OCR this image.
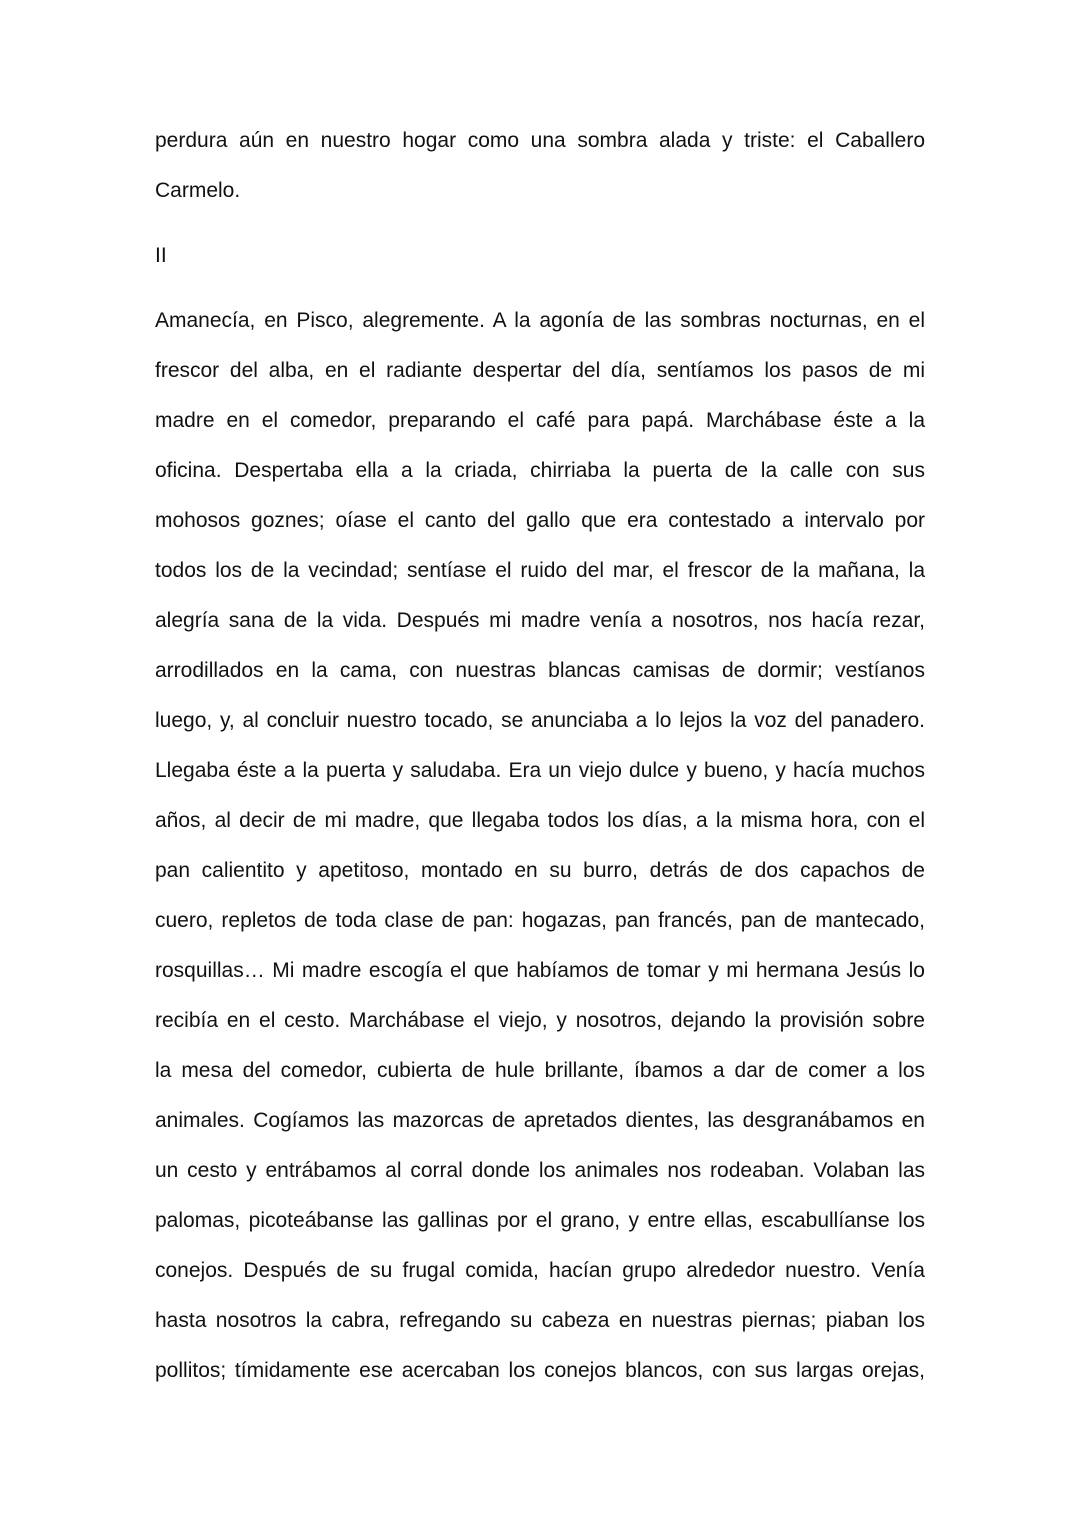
perdura aún en nuestro hogar como una sombra alada y triste: el Caballero
Carmelo.
II
Amanecía, en Pisco, alegremente. A la agonía de las sombras nocturnas, en el
frescor del alba, en el radiante despertar del día, sentíamos los pasos de mi
madre en el comedor, preparando el café para papá. Marchábase éste a la
oficina. Despertaba ella a la criada, chirriaba la puerta de la calle con sus
mohosos goznes; oíase el canto del gallo que era contestado a intervalo por
todos los de la vecindad; sentíase el ruido del mar, el frescor de la mañana, la
alegría sana de la vida. Después mi madre venía a nosotros, nos hacía rezar,
arrodillados en la cama, con nuestras blancas camisas de dormir; vestíanos
luego, y, al concluir nuestro tocado, se anunciaba a lo lejos la voz del panadero.
Llegaba éste a la puerta y saludaba. Era un viejo dulce y bueno, y hacía muchos
años, al decir de mi madre, que llegaba todos los días, a la misma hora, con el
pan calientito y apetitoso, montado en su burro, detrás de dos capachos de
cuero, repletos de toda clase de pan: hogazas, pan francés, pan de mantecado,
rosquillas… Mi madre escogía el que habíamos de tomar y mi hermana Jesús lo
recibía en el cesto. Marchábase el viejo, y nosotros, dejando la provisión sobre
la mesa del comedor, cubierta de hule brillante, íbamos a dar de comer a los
animales. Cogíamos las mazorcas de apretados dientes, las desgranábamos en
un cesto y entrábamos al corral donde los animales nos rodeaban. Volaban las
palomas, picoteábanse las gallinas por el grano, y entre ellas, escabullíanse los
conejos. Después de su frugal comida, hacían grupo alrededor nuestro. Venía
hasta nosotros la cabra, refregando su cabeza en nuestras piernas; piaban los
pollitos; tímidamente ese acercaban los conejos blancos, con sus largas orejas,
